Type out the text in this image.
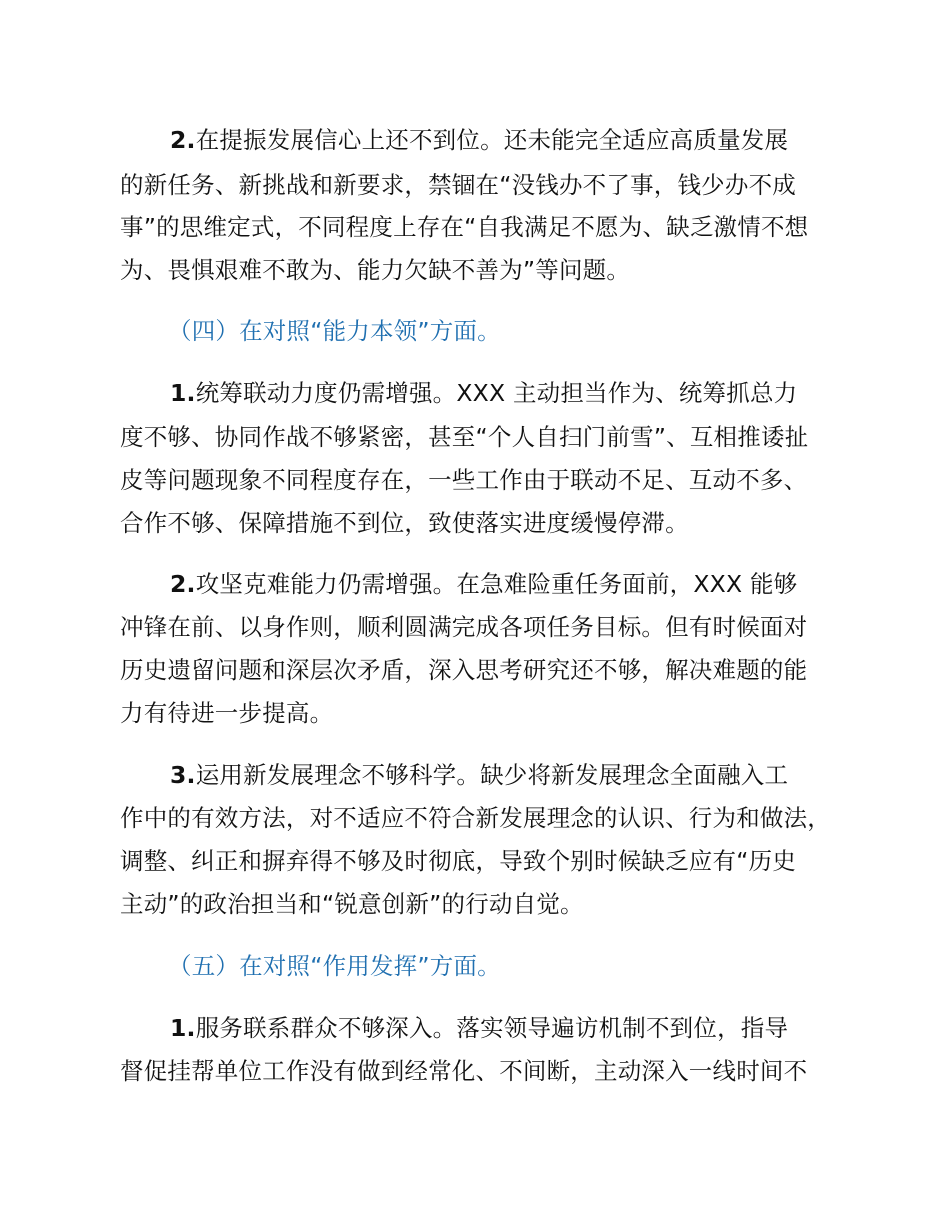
2.在提振发展信心上还不到位。还未能完全适应高质量发展
的新任务、新挑战和新要求，禁锢在“没钱办不了事，钱少办不成
事”的思维定式，不同程度上存在“自我满足不愿为、缺乏激情不想
为、畏惧艰难不敢为、能力欠缺不善为”等问题。
（四）在对照“能力本领”方面。
1.统筹联动力度仍需增强。XXX 主动担当作为、统筹抓总力
度不够、协同作战不够紧密，甚至“个人自扫门前雪”、互相推诿扯
皮等问题现象不同程度存在，一些工作由于联动不足、互动不多、
合作不够、保障措施不到位，致使落实进度缓慢停滞。
2.攻坚克难能力仍需增强。在急难险重任务面前，XXX 能够
冲锋在前、以身作则，顺利圆满完成各项任务目标。但有时候面对
历史遗留问题和深层次矛盾，深入思考研究还不够，解决难题的能
力有待进一步提高。
3.运用新发展理念不够科学。缺少将新发展理念全面融入工
作中的有效方法，对不适应不符合新发展理念的认识、行为和做法，
调整、纠正和摒弃得不够及时彻底，导致个别时候缺乏应有“历史
主动”的政治担当和“锐意创新”的行动自觉。
（五）在对照“作用发挥”方面。
1.服务联系群众不够深入。落实领导遍访机制不到位，指导
督促挂帮单位工作没有做到经常化、不间断，主动深入一线时间不
